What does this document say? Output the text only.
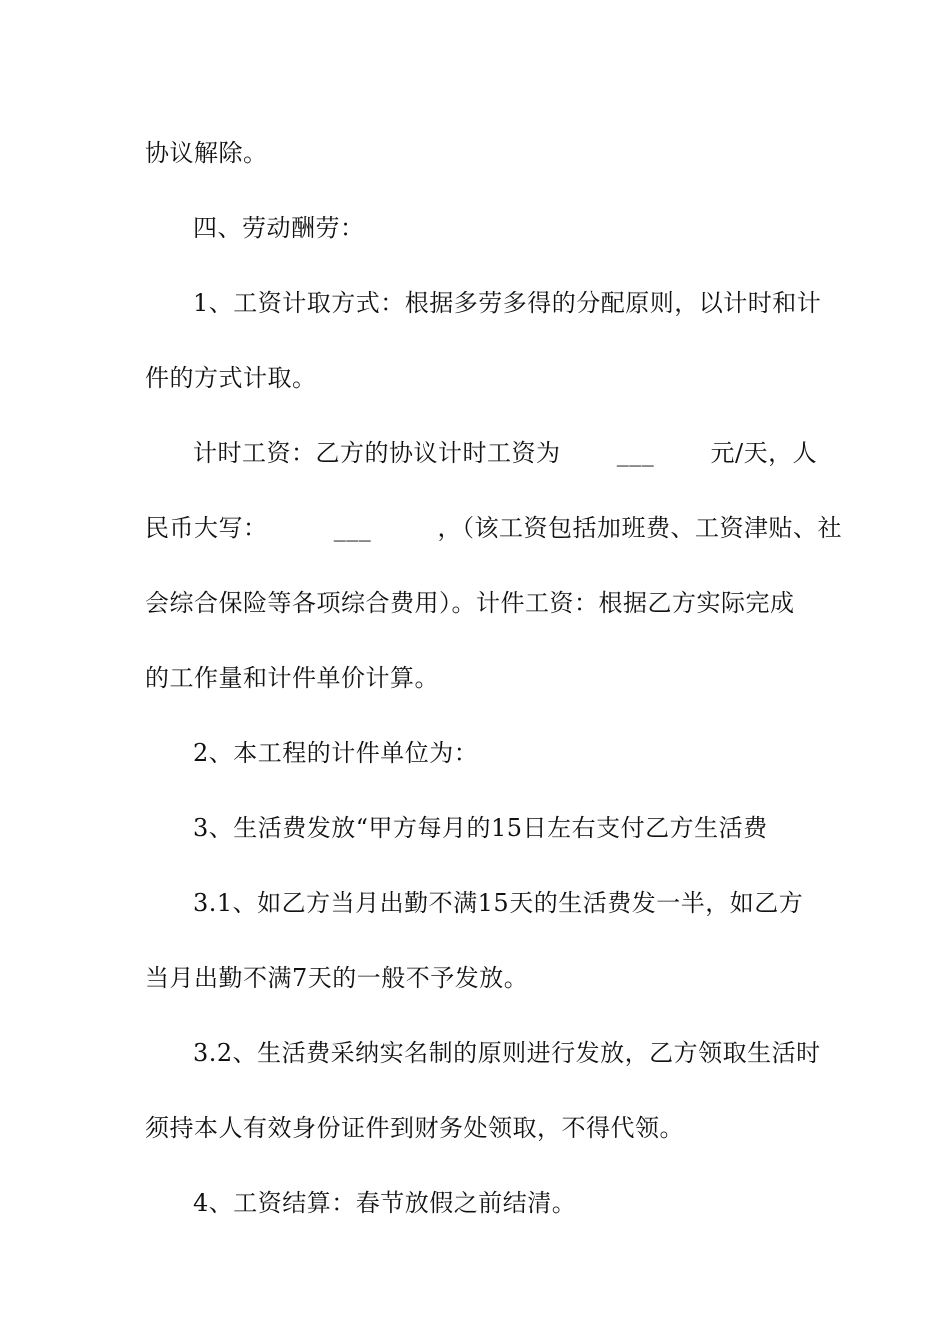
协议解除。
四、劳动酬劳：
1、工资计取方式：根据多劳多得的分配原则，以计时和计
件的方式计取。
计时工资：乙方的协议计时工资为 ___ 元/天，人
民币大写：	___	，（该工资包括加班费、工资津贴、社
会综合保险等各项综合费用）。计件工资：根据乙方实际完成
的工作量和计件单价计算。
2、本工程的计件单位为：
3、生活费发放“甲方每月的15日左右支付乙方生活费
3.1、如乙方当月出勤不满15天的生活费发一半，如乙方
当月出勤不满7天的一般不予发放。
3.2、生活费采纳实名制的原则进行发放，乙方领取生活时
须持本人有效身份证件到财务处领取，不得代领。
4、工资结算：春节放假之前结清。
